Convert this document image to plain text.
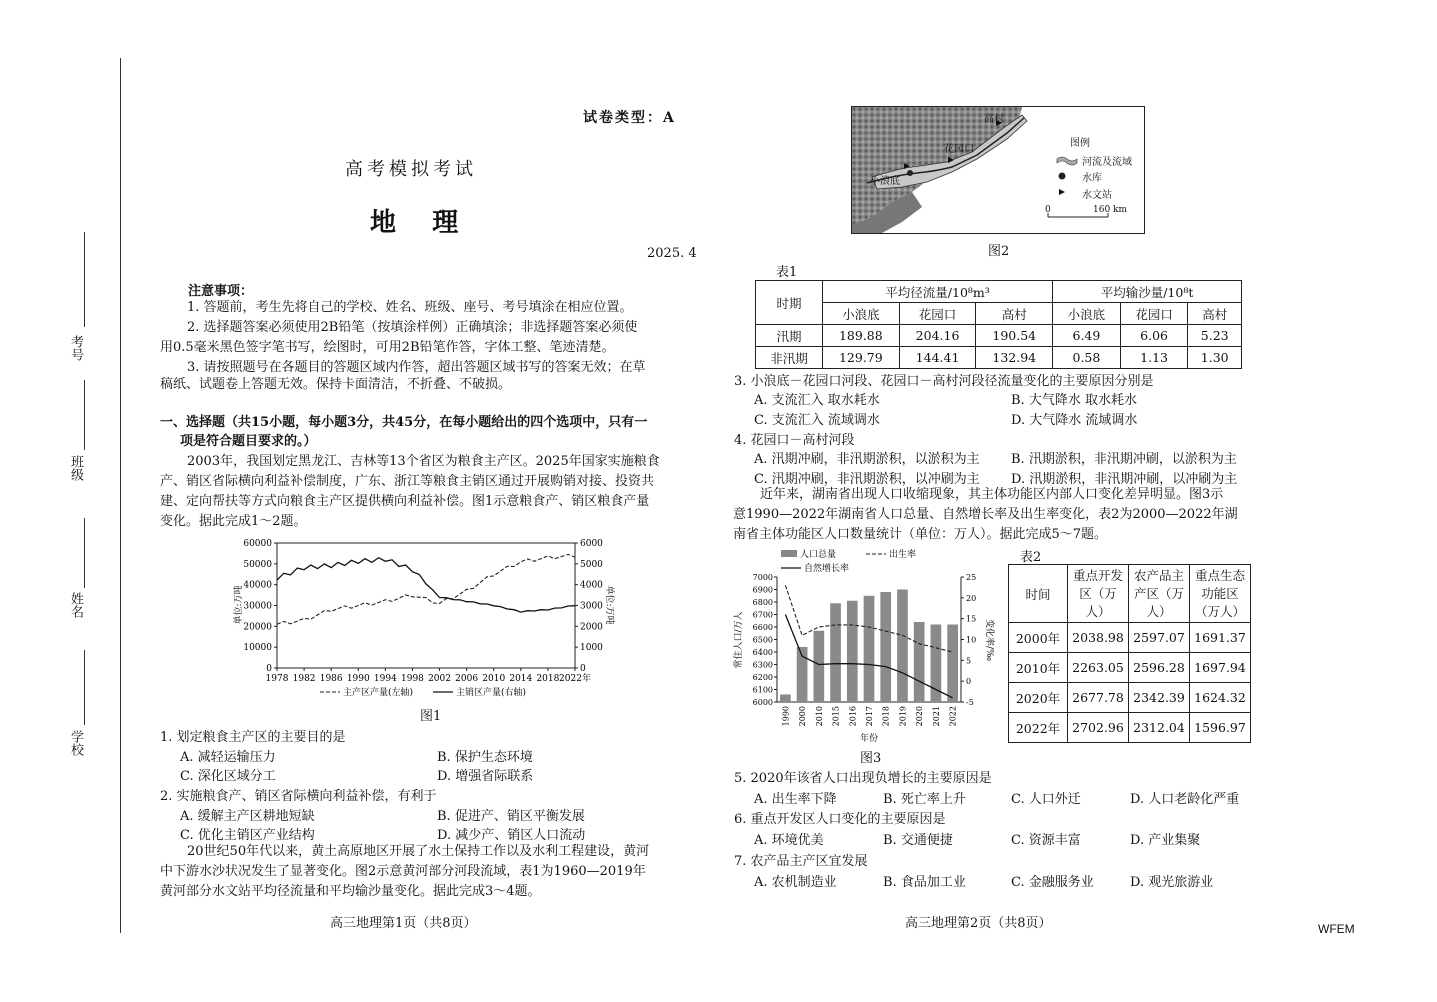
考号
班级
姓名
学校
试卷类型：A
高考模拟考试
地    理
2025. 4
注意事项：
1. 答题前，考生先将自己的学校、姓名、班级、座号、考号填涂在相应位置。
2. 选择题答案必须使用2B铅笔（按填涂样例）正确填涂；非选择题答案必须使
用0.5毫米黑色签字笔书写，绘图时，可用2B铅笔作答，字体工整、笔迹清楚。
3. 请按照题号在各题目的答题区域内作答，超出答题区域书写的答案无效；在草
稿纸、试题卷上答题无效。保持卡面清洁，不折叠、不破损。
一、选择题（共15小题，每小题3分，共45分，在每小题给出的四个选项中，只有一
项是符合题目要求的。）
2003年，我国划定黑龙江、吉林等13个省区为粮食主产区。2025年国家实施粮食
产、销区省际横向利益补偿制度，广东、浙江等粮食主销区通过开展购销对接、投资共
建、定向帮扶等方式向粮食主产区提供横向利益补偿。图1示意粮食产、销区粮食产量
变化。据此完成1～2题。
60000
50000
40000
30000
20000
10000
0
6000
5000
4000
3000
2000
1000
0
1978 1982 1986 1990 1994 1998 2002 2006 2010 2014 2018 2022年
单位:万吨	单位:万吨
主产区产量(左轴)	主销区产量(右轴)
图1
1. 划定粮食主产区的主要目的是
A. 减轻运输压力	B. 保护生态环境
C. 深化区域分工	D. 增强省际联系
2. 实施粮食产、销区省际横向利益补偿，有利于
A. 缓解主产区耕地短缺	B. 促进产、销区平衡发展
C. 优化主销区产业结构	D. 减少产、销区人口流动
20世纪50年代以来，黄土高原地区开展了水土保持工作以及水利工程建设，黄河
中下游水沙状况发生了显著变化。图2示意黄河部分河段流域，表1为1960—2019年
黄河部分水文站平均径流量和平均输沙量变化。据此完成3～4题。
高三地理第1页（共8页）
高村
花园口
小浪底
图例
河流及流域
水库
水文站
0	160 km
图2
表1
时期	平均径流量/10⁸m³			平均输沙量/10⁸t		
	小浪底	花园口	高村	小浪底	花园口	高村
汛期	189.88	204.16	190.54	6.49	6.06	5.23
非汛期	129.79	144.41	132.94	0.58	1.13	1.30
3. 小浪底－花园口河段、花园口－高村河段径流量变化的主要原因分别是
A. 支流汇入 取水耗水	B. 大气降水 取水耗水
C. 支流汇入 流域调水	D. 大气降水 流域调水
4. 花园口－高村河段
A. 汛期冲刷，非汛期淤积，以淤积为主 B. 汛期淤积，非汛期冲刷，以淤积为主
C. 汛期冲刷，非汛期淤积，以冲刷为主 D. 汛期淤积，非汛期冲刷，以冲刷为主
近年来，湖南省出现人口收缩现象，其主体功能区内部人口变化差异明显。图3示
意1990—2022年湖南省人口总量、自然增长率及出生率变化，表2为2000—2022年湖
南省主体功能区人口数量统计（单位：万人）。据此完成5～7题。
人口总量	出生率
自然增长率
7000
6900
6800
6700
6600
6500
6400
6300
6200
6100
6000
25
20
15
10
5
0
-5
常住人口/万人	变化率/‰
1990 2000 2010 2015 2016 2017 2018 2019 2020 2021 2022
年份
图3
表2
时间	重点开发区（万人）	农产品主产区（万人）	重点生态功能区（万人）
2000年	2038.98	2597.07	1691.37
2010年	2263.05	2596.28	1697.94
2020年	2677.78	2342.39	1624.32
2022年	2702.96	2312.04	1596.97
5. 2020年该省人口出现负增长的主要原因是
A. 出生率下降	B. 死亡率上升	C. 人口外迁	D. 人口老龄化严重
6. 重点开发区人口变化的主要原因是
A. 环境优美	B. 交通便捷	C. 资源丰富	D. 产业集聚
7. 农产品主产区宜发展
A. 农机制造业	B. 食品加工业	C. 金融服务业	D. 观光旅游业
高三地理第2页（共8页）	WFEM
